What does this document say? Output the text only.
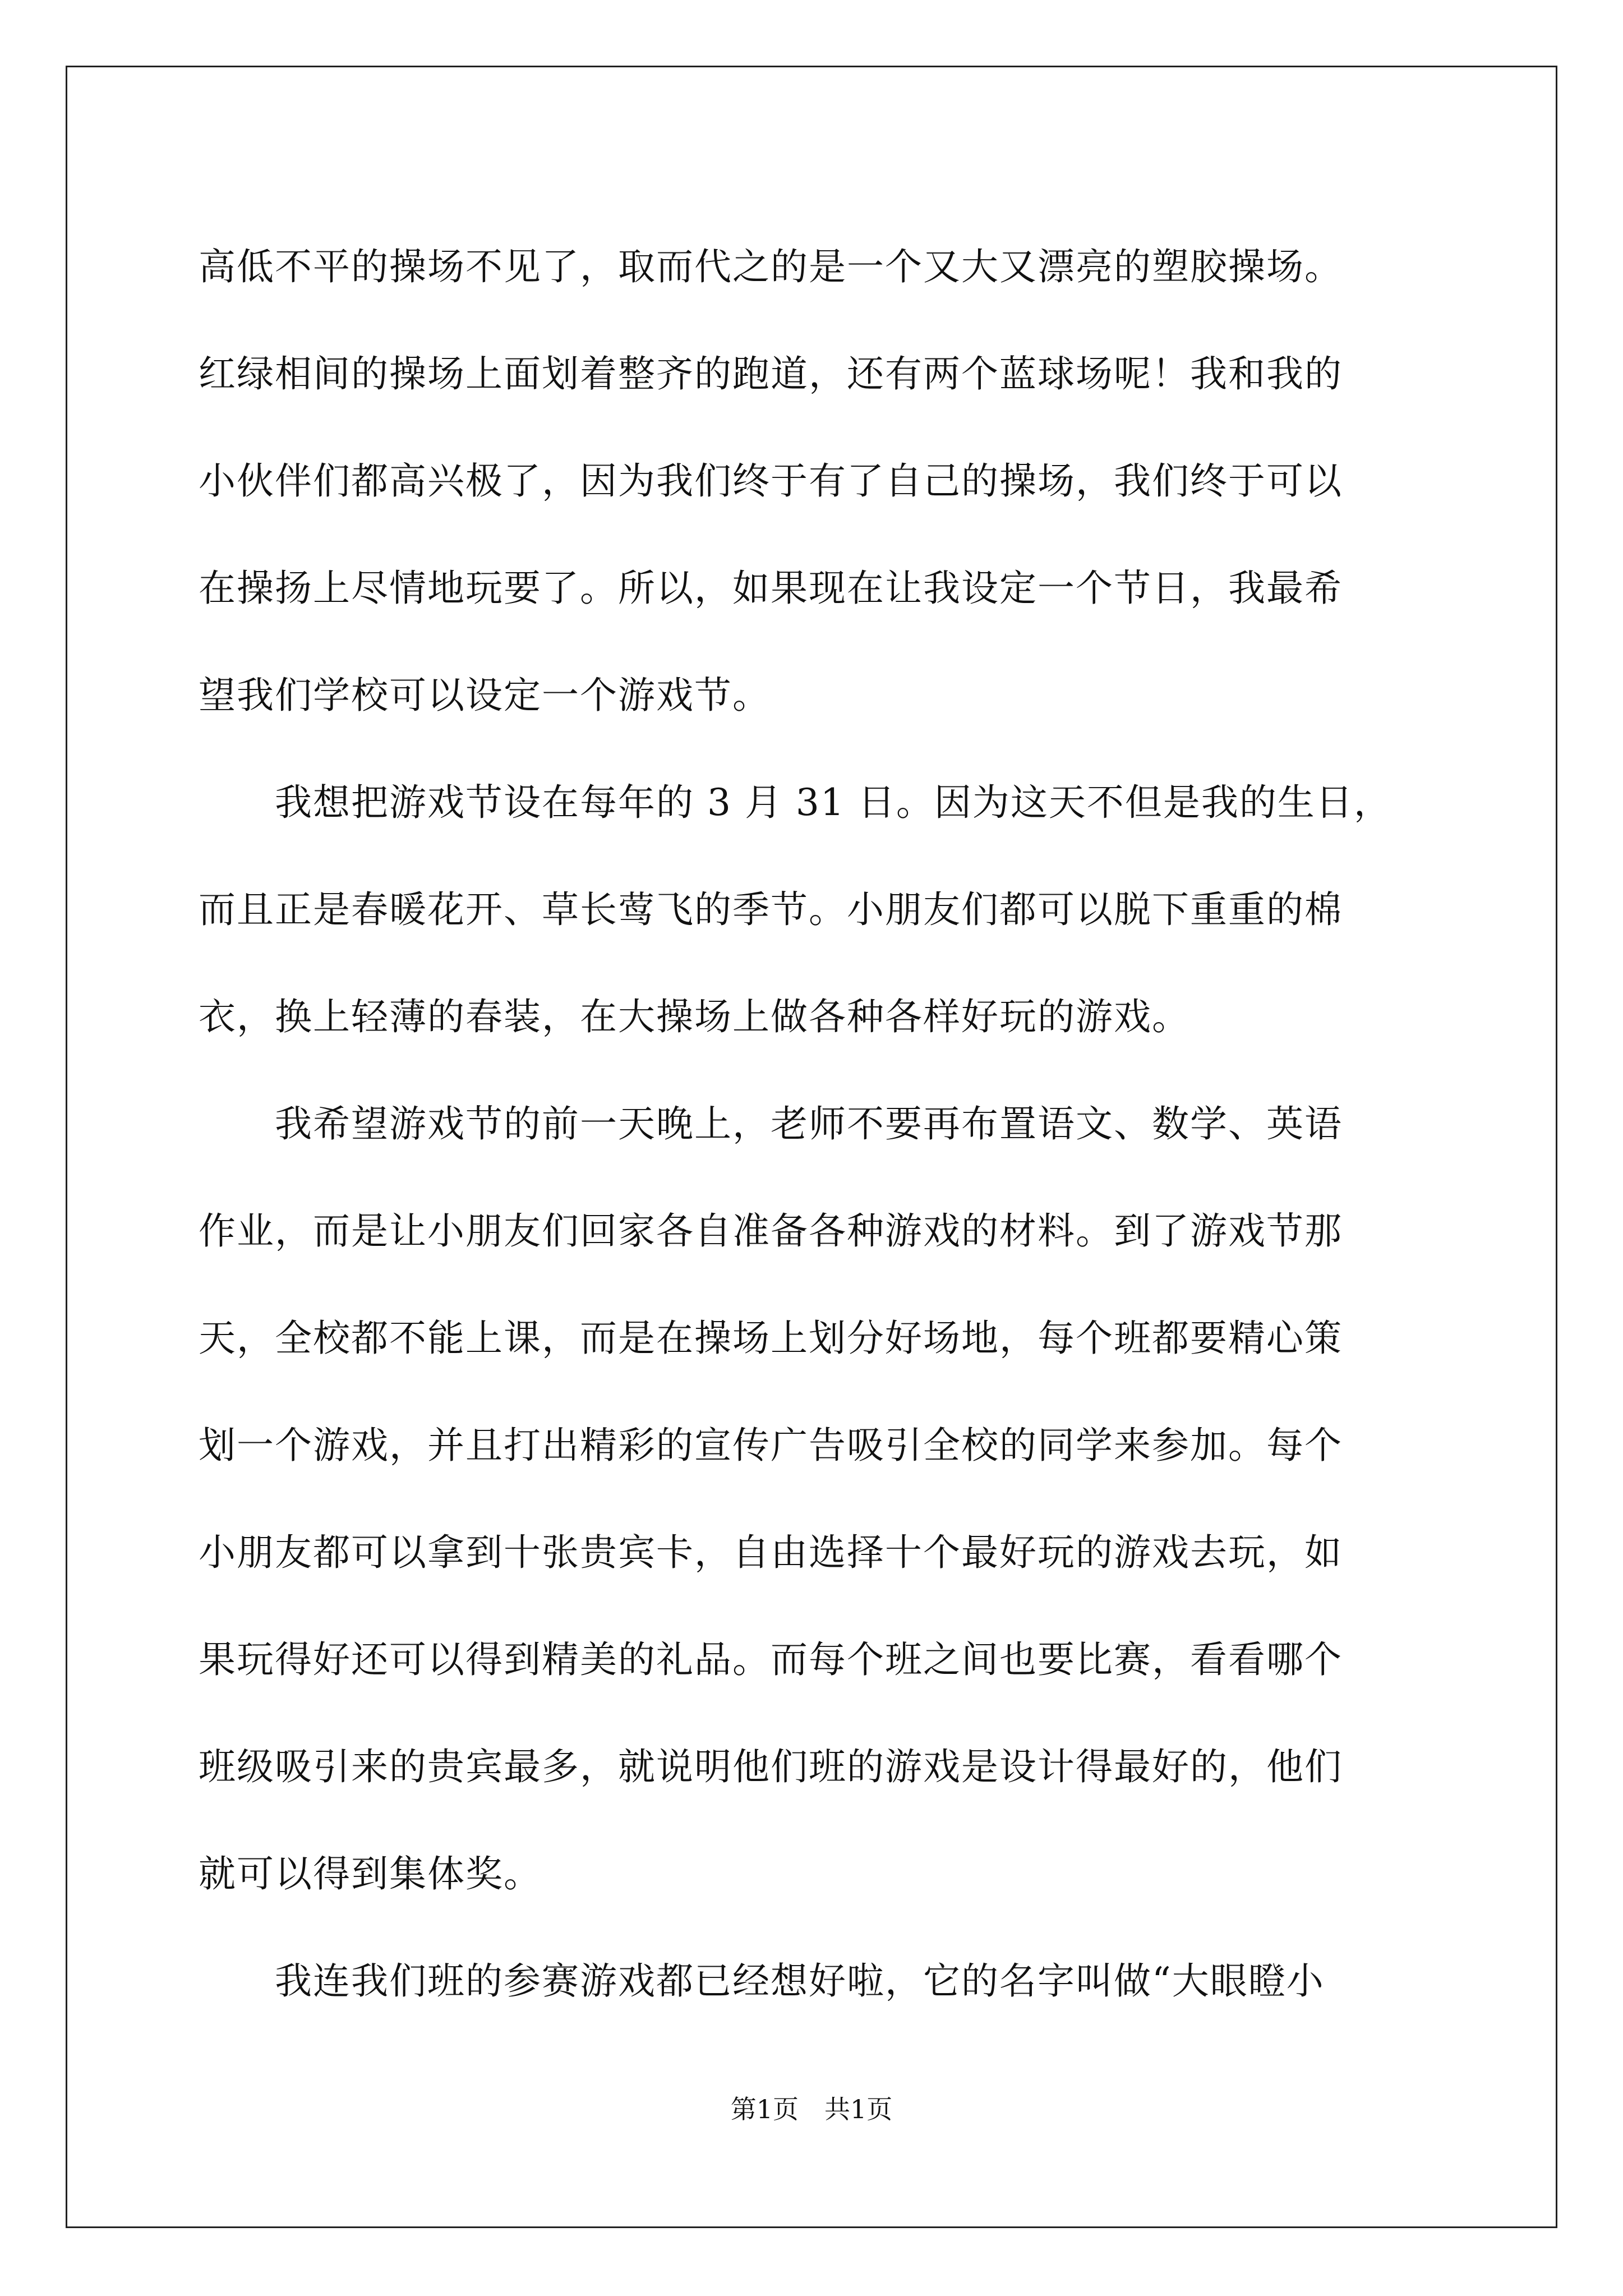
高低不平的操场不见了，取而代之的是一个又大又漂亮的塑胶操场。
红绿相间的操场上面划着整齐的跑道，还有两个蓝球场呢！我和我的
小伙伴们都高兴极了，因为我们终于有了自己的操场，我们终于可以
在操扬上尽情地玩要了。所以，如果现在让我设定一个节日，我最希
望我们学校可以设定一个游戏节。
　　我想把游戏节设在每年的 3 月 31 日。因为这天不但是我的生日，
而且正是春暖花开、草长莺飞的季节。小朋友们都可以脱下重重的棉
衣，换上轻薄的春装，在大操场上做各种各样好玩的游戏。
　　我希望游戏节的前一天晚上，老师不要再布置语文、数学、英语
作业，而是让小朋友们回家各自准备各种游戏的材料。到了游戏节那
天，全校都不能上课，而是在操场上划分好场地，每个班都要精心策
划一个游戏，并且打出精彩的宣传广告吸引全校的同学来参加。每个
小朋友都可以拿到十张贵宾卡，自由选择十个最好玩的游戏去玩，如
果玩得好还可以得到精美的礼品。而每个班之间也要比赛，看看哪个
班级吸引来的贵宾最多，就说明他们班的游戏是设计得最好的，他们
就可以得到集体奖。
　　我连我们班的参赛游戏都已经想好啦，它的名字叫做“大眼瞪小
第1页　共1页
